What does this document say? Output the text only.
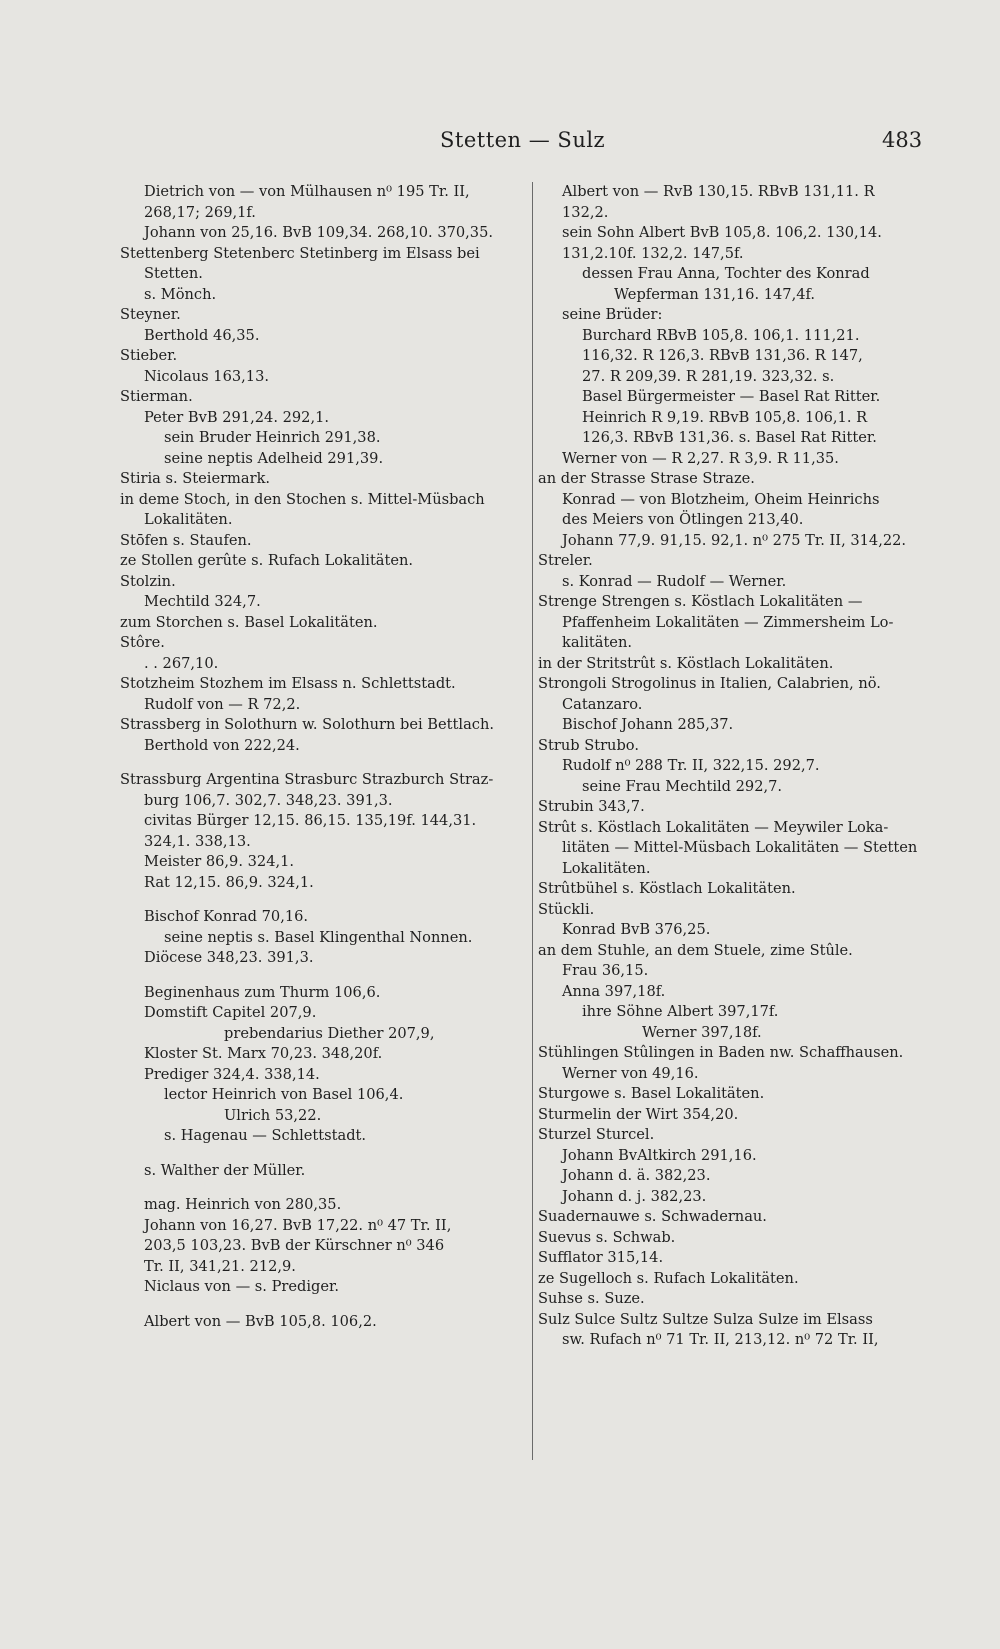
Stetten — Sulz	483
Dietrich von — von Mülhausen n⁰ 195 Tr. II,
268,17; 269,1f.
Johann von 25,16. BvB 109,34. 268,10. 370,35.
Stettenberg Stetenberc Stetinberg im Elsass bei
Stetten.
s. Mönch.
Steyner.
Berthold 46,35.
Stieber.
Nicolaus 163,13.
Stierman.
Peter BvB 291,24. 292,1.
sein Bruder Heinrich 291,38.
seine neptis Adelheid 291,39.
Stiria s. Steiermark.
in deme Stoch, in den Stochen s. Mittel-Müsbach
Lokalitäten.
Stōfen s. Staufen.
ze Stollen gerûte s. Rufach Lokalitäten.
Stolzin.
Mechtild 324,7.
zum Storchen s. Basel Lokalitäten.
Stôre.
. . 267,10.
Stotzheim Stozhem im Elsass n. Schlettstadt.
Rudolf von — R 72,2.
Strassberg in Solothurn w. Solothurn bei Bettlach.
Berthold von 222,24.
Strassburg Argentina Strasburc Strazburch Straz-
burg 106,7. 302,7. 348,23. 391,3.
civitas Bürger 12,15. 86,15. 135,19f. 144,31.
324,1. 338,13.
Meister 86,9. 324,1.
Rat 12,15. 86,9. 324,1.
Bischof Konrad 70,16.
seine neptis s. Basel Klingenthal Nonnen.
Diöcese 348,23. 391,3.
Beginenhaus zum Thurm 106,6.
Domstift Capitel 207,9.
prebendarius Diether 207,9,
Kloster St. Marx 70,23. 348,20f.
Prediger 324,4. 338,14.
lector Heinrich von Basel 106,4.
Ulrich 53,22.
s. Hagenau — Schlettstadt.
s. Walther der Müller.
mag. Heinrich von 280,35.
Johann von 16,27. BvB 17,22. n⁰ 47 Tr. II,
203,5 103,23. BvB der Kürschner n⁰ 346
Tr. II, 341,21. 212,9.
Niclaus von — s. Prediger.
Albert von — BvB 105,8. 106,2.
Albert von — RvB 130,15. RBvB 131,11. R
132,2.
sein Sohn Albert BvB 105,8. 106,2. 130,14.
131,2.10f. 132,2. 147,5f.
dessen Frau Anna, Tochter des Konrad
Wepferman 131,16. 147,4f.
seine Brüder:
Burchard RBvB 105,8. 106,1. 111,21.
116,32. R 126,3. RBvB 131,36. R 147,
27. R 209,39. R 281,19. 323,32. s.
Basel Bürgermeister — Basel Rat Ritter.
Heinrich R 9,19. RBvB 105,8. 106,1. R
126,3. RBvB 131,36. s. Basel Rat Ritter.
Werner von — R 2,27. R 3,9. R 11,35.
an der Strasse Strase Straze.
Konrad — von Blotzheim, Oheim Heinrichs
des Meiers von Ötlingen 213,40.
Johann 77,9. 91,15. 92,1. n⁰ 275 Tr. II, 314,22.
Streler.
s. Konrad — Rudolf — Werner.
Strenge Strengen s. Köstlach Lokalitäten —
Pfaffenheim Lokalitäten — Zimmersheim Lo-
kalitäten.
in der Stritstrût s. Köstlach Lokalitäten.
Strongoli Strogolinus in Italien, Calabrien, nö.
Catanzaro.
Bischof Johann 285,37.
Strub Strubo.
Rudolf n⁰ 288 Tr. II, 322,15. 292,7.
seine Frau Mechtild 292,7.
Strubin 343,7.
Strût s. Köstlach Lokalitäten — Meywiler Loka-
litäten — Mittel-Müsbach Lokalitäten — Stetten
Lokalitäten.
Strûtbühel s. Köstlach Lokalitäten.
Stückli.
Konrad BvB 376,25.
an dem Stuhle, an dem Stuele, zime Stûle.
Frau 36,15.
Anna 397,18f.
ihre Söhne Albert 397,17f.
Werner 397,18f.
Stühlingen Stûlingen in Baden nw. Schaffhausen.
Werner von 49,16.
Sturgowe s. Basel Lokalitäten.
Sturmelin der Wirt 354,20.
Sturzel Sturcel.
Johann BvAltkirch 291,16.
Johann d. ä. 382,23.
Johann d. j. 382,23.
Suadernauwe s. Schwadernau.
Suevus s. Schwab.
Sufflator 315,14.
ze Sugelloch s. Rufach Lokalitäten.
Suhse s. Suze.
Sulz Sulce Sultz Sultze Sulza Sulze im Elsass
sw. Rufach n⁰ 71 Tr. II, 213,12. n⁰ 72 Tr. II,
